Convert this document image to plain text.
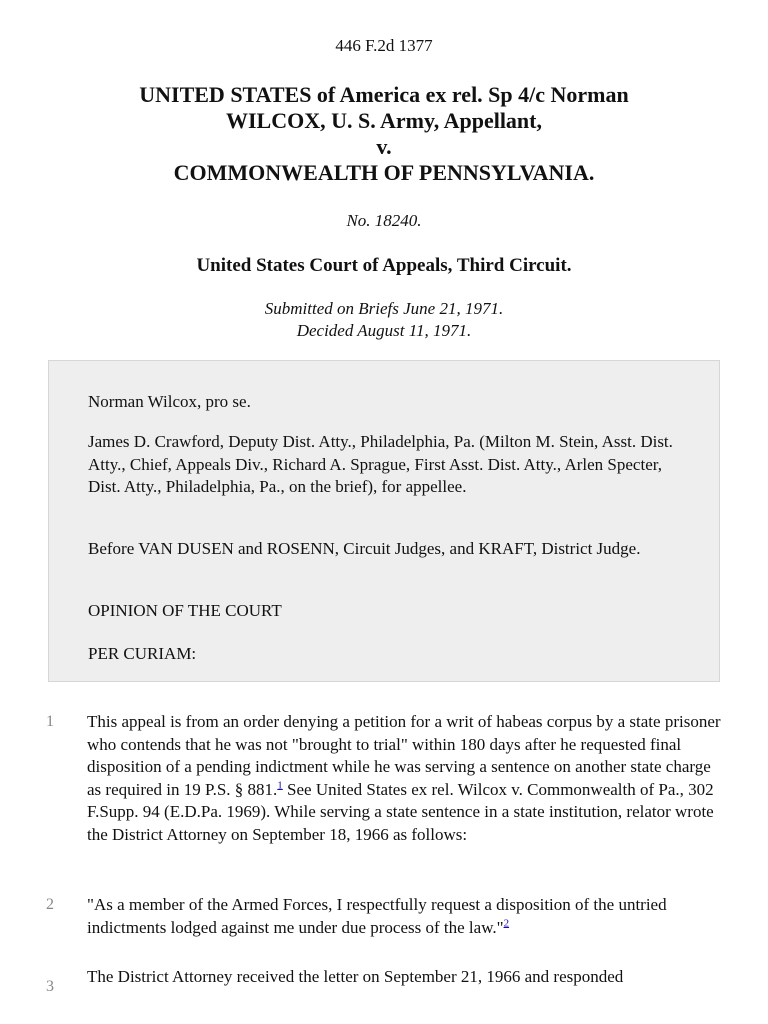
446 F.2d 1377
UNITED STATES of America ex rel. Sp 4/c Norman
WILCOX, U. S. Army, Appellant,
v.
COMMONWEALTH OF PENNSYLVANIA.
No. 18240.
United States Court of Appeals, Third Circuit.
Submitted on Briefs June 21, 1971.
Decided August 11, 1971.

Norman Wilcox, pro se.

James D. Crawford, Deputy Dist. Atty., Philadelphia, Pa. (Milton M. Stein, Asst. Dist. Atty., Chief, Appeals Div., Richard A. Sprague, First Asst. Dist. Atty., Arlen Specter, Dist. Atty., Philadelphia, Pa., on the brief), for appellee.

Before VAN DUSEN and ROSENN, Circuit Judges, and KRAFT, District Judge.

OPINION OF THE COURT

PER CURIAM:

1	This appeal is from an order denying a petition for a writ of habeas corpus by a state prisoner who contends that he was not "brought to trial" within 180 days after he requested final disposition of a pending indictment while he was serving a sentence on another state charge as required in 19 P.S. § 881.$^1$ See United States ex rel. Wilcox v. Commonwealth of Pa., 302 F.Supp. 94 (E.D.Pa. 1969). While serving a state sentence in a state institution, relator wrote the District Attorney on September 18, 1966 as follows:

2	"As a member of the Armed Forces, I respectfully request a disposition of the untried indictments lodged against me under due process of the law."$^2$

3

The District Attorney received the letter on September 21, 1966 and responded
